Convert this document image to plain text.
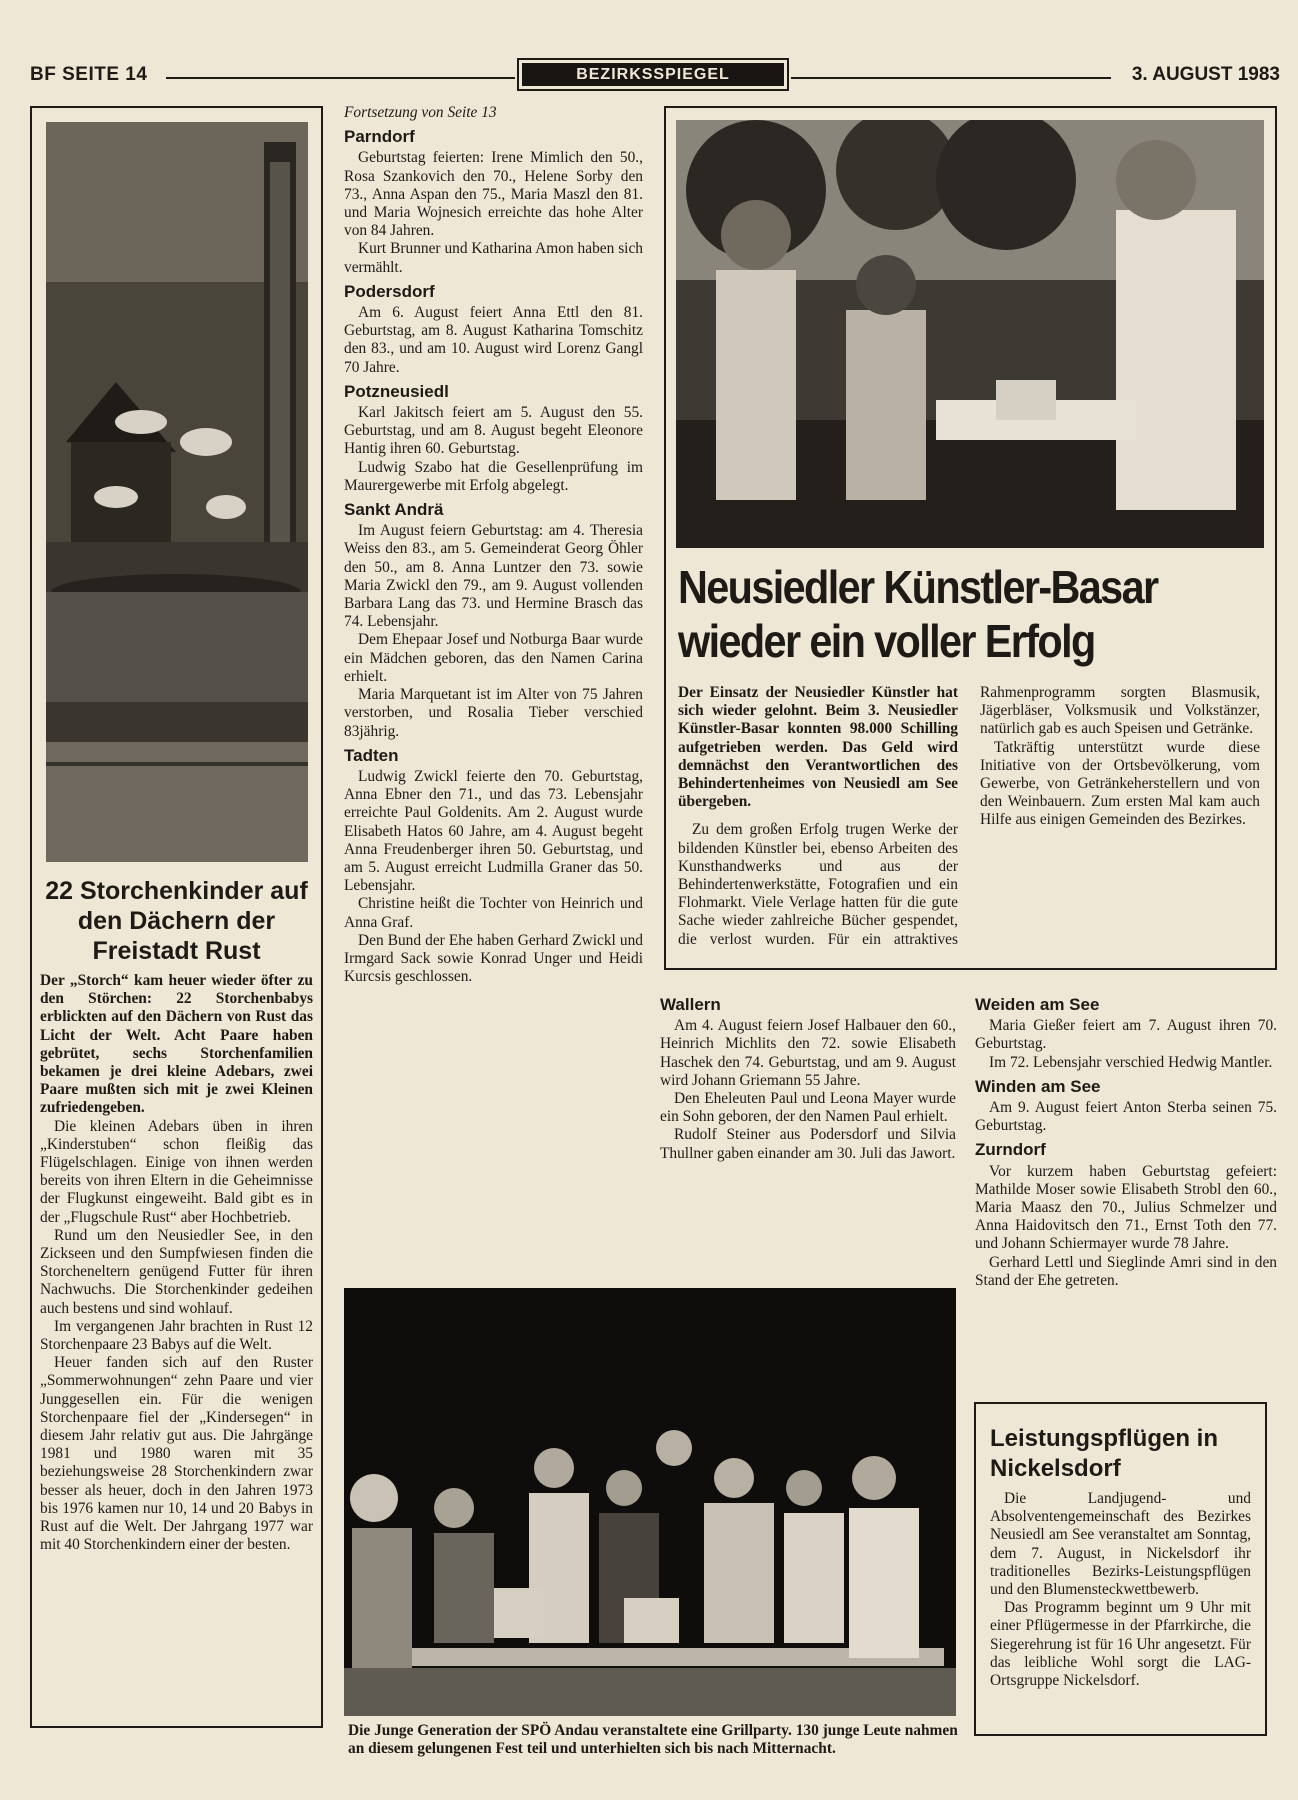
BF SEITE 14	BEZIRKSSPIEGEL	3. AUGUST 1983
22 Storchenkinder auf den Dächern der Freistadt Rust

Der „Storch“ kam heuer wieder öfter zu den Störchen: 22 Storchenbabys erblickten auf den Dächern von Rust das Licht der Welt. Acht Paare haben gebrütet, sechs Storchenfamilien bekamen je drei kleine Adebars, zwei Paare mußten sich mit je zwei Kleinen zufriedengeben.

Die kleinen Adebars üben in ihren „Kinderstuben“ schon fleißig das Flügelschlagen. Einige von ihnen werden bereits von ihren Eltern in die Geheimnisse der Flugkunst eingeweiht. Bald gibt es in der „Flugschule Rust“ aber Hochbetrieb.

Rund um den Neusiedler See, in den Zickseen und den Sumpfwiesen finden die Storcheneltern genügend Futter für ihren Nachwuchs. Die Storchenkinder gedeihen auch bestens und sind wohlauf.

Im vergangenen Jahr brachten in Rust 12 Storchenpaare 23 Babys auf die Welt.

Heuer fanden sich auf den Ruster „Sommerwohnungen“ zehn Paare und vier Junggesellen ein. Für die wenigen Storchenpaare fiel der „Kindersegen“ in diesem Jahr relativ gut aus. Die Jahrgänge 1981 und 1980 waren mit 35 beziehungsweise 28 Storchenkindern zwar besser als heuer, doch in den Jahren 1973 bis 1976 kamen nur 10, 14 und 20 Babys in Rust auf die Welt. Der Jahrgang 1977 war mit 40 Storchenkindern einer der besten.

Fortsetzung von Seite 13
Parndorf

Geburtstag feierten: Irene Mimlich den 50., Rosa Szankovich den 70., Helene Sorby den 73., Anna Aspan den 75., Maria Maszl den 81. und Maria Wojnesich erreichte das hohe Alter von 84 Jahren.

Kurt Brunner und Katharina Amon haben sich vermählt.

Podersdorf

Am 6. August feiert Anna Ettl den 81. Geburtstag, am 8. August Katharina Tomschitz den 83., und am 10. August wird Lorenz Gangl 70 Jahre.

Potzneusiedl

Karl Jakitsch feiert am 5. August den 55. Geburtstag, und am 8. August begeht Eleonore Hantig ihren 60. Geburtstag.

Ludwig Szabo hat die Gesellenprüfung im Maurergewerbe mit Erfolg abgelegt.

Sankt Andrä

Im August feiern Geburtstag: am 4. Theresia Weiss den 83., am 5. Gemeinderat Georg Öhler den 50., am 8. Anna Luntzer den 73. sowie Maria Zwickl den 79., am 9. August vollenden Barbara Lang das 73. und Hermine Brasch das 74. Lebensjahr.

Dem Ehepaar Josef und Notburga Baar wurde ein Mädchen geboren, das den Namen Carina erhielt.

Maria Marquetant ist im Alter von 75 Jahren verstorben, und Rosalia Tieber verschied 83jährig.

Tadten

Ludwig Zwickl feierte den 70. Geburtstag, Anna Ebner den 71., und das 73. Lebensjahr erreichte Paul Goldenits. Am 2. August wurde Elisabeth Hatos 60 Jahre, am 4. August begeht Anna Freudenberger ihren 50. Geburtstag, und am 5. August erreicht Ludmilla Graner das 50. Lebensjahr.

Christine heißt die Tochter von Heinrich und Anna Graf.

Den Bund der Ehe haben Gerhard Zwickl und Irmgard Sack sowie Konrad Unger und Heidi Kurcsis geschlossen.

Neusiedler Künstler-Basar
wieder ein voller Erfolg

Der Einsatz der Neusiedler Künstler hat sich wieder gelohnt. Beim 3. Neusiedler Künstler-Basar konnten 98.000 Schilling aufgetrieben werden. Das Geld wird demnächst den Verantwortlichen des Behindertenheimes von Neusiedl am See übergeben.

Zu dem großen Erfolg trugen Werke der bildenden Künstler bei, ebenso Arbeiten des Kunsthandwerks und aus der Behindertenwerkstätte, Fotografien und ein Flohmarkt. Viele Verlage hatten für die gute Sache wieder zahlreiche Bücher gespendet, die verlost wurden. Für ein attraktives Rahmenprogramm sorgten Blasmusik, Jägerbläser, Volksmusik und Volkstänzer, natürlich gab es auch Speisen und Getränke.

Tatkräftig unterstützt wurde diese Initiative von der Ortsbevölkerung, vom Gewerbe, von Getränkeherstellern und von den Weinbauern. Zum ersten Mal kam auch Hilfe aus einigen Gemeinden des Bezirkes.

Wallern

Am 4. August feiern Josef Halbauer den 60., Heinrich Michlits den 72. sowie Elisabeth Haschek den 74. Geburtstag, und am 9. August wird Johann Griemann 55 Jahre.

Den Eheleuten Paul und Leona Mayer wurde ein Sohn geboren, der den Namen Paul erhielt.

Rudolf Steiner aus Podersdorf und Silvia Thullner gaben einander am 30. Juli das Jawort.

Weiden am See

Maria Gießer feiert am 7. August ihren 70. Geburtstag.

Im 72. Lebensjahr verschied Hedwig Mantler.

Winden am See

Am 9. August feiert Anton Sterba seinen 75. Geburtstag.

Zurndorf

Vor kurzem haben Geburtstag gefeiert: Mathilde Moser sowie Elisabeth Strobl den 60., Maria Maasz den 70., Julius Schmelzer und Anna Haidovitsch den 71., Ernst Toth den 77. und Johann Schiermayer wurde 78 Jahre.

Gerhard Lettl und Sieglinde Amri sind in den Stand der Ehe getreten.

Die Junge Generation der SPÖ Andau veranstaltete eine Grillparty. 130 junge Leute nahmen an diesem gelungenen Fest teil und unterhielten sich bis nach Mitternacht.
Leistungspflügen in Nickelsdorf

Die Landjugend- und Absolventengemeinschaft des Bezirkes Neusiedl am See veranstaltet am Sonntag, dem 7. August, in Nickelsdorf ihr traditionelles Bezirks-Leistungspflügen und den Blumensteckwettbewerb.

Das Programm beginnt um 9 Uhr mit einer Pflügermesse in der Pfarrkirche, die Siegerehrung ist für 16 Uhr angesetzt. Für das leibliche Wohl sorgt die LAG-Ortsgruppe Nickelsdorf.
